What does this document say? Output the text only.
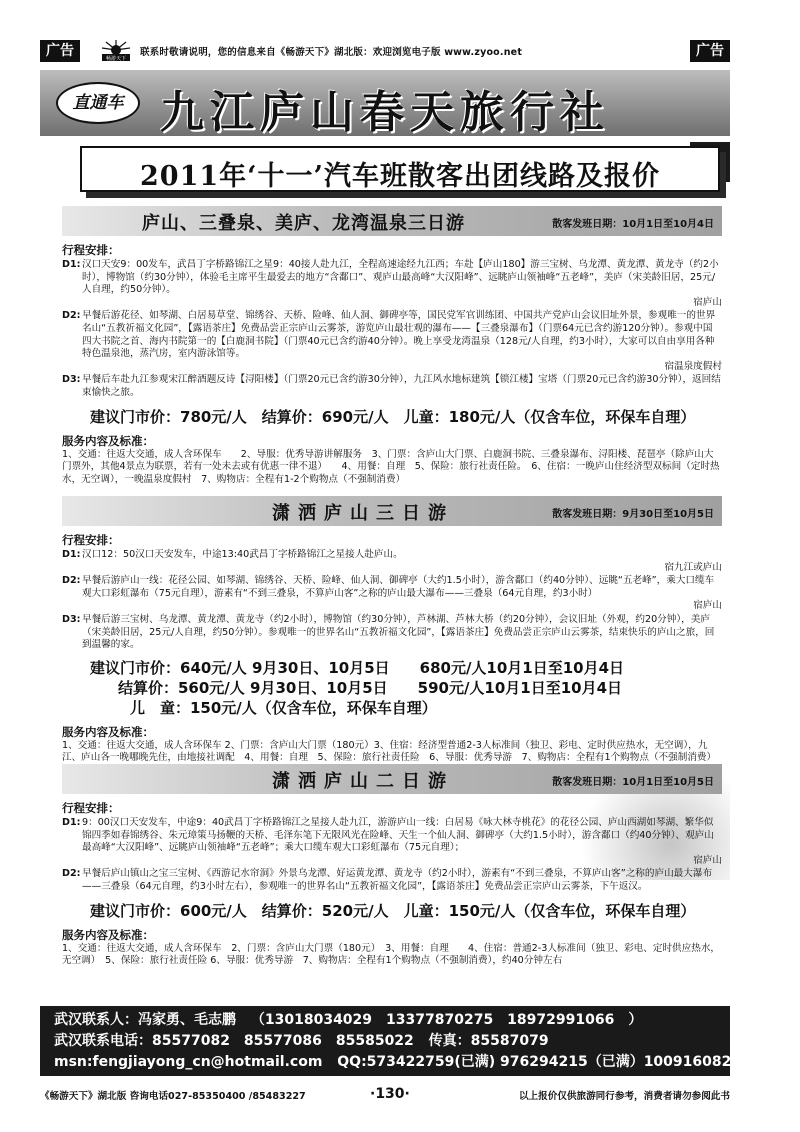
广告	畅游天下
联系时敬请说明，您的信息来自《畅游天下》湖北版：欢迎浏览电子版 www.zyoo.net	广告
直通车 九江庐山春天旅行社
2011年‘十一’汽车班散客出团线路及报价
庐山、三叠泉、美庐、龙湾温泉三日游	散客发班日期：10月1日至10月4日
行程安排：
D1: 汉口天安9：00发车，武昌丁字桥路锦江之星9：40接人赴九江，全程高速途经九江西；车赴【庐山180】游三宝树、乌龙潭、黄龙潭、黄龙寺（约2小时），博物馆（约30分钟），体验毛主席平生最爱去的地方“含鄱口”、观庐山最高峰“大汉阳峰”、远眺庐山领袖峰“五老峰”，美庐（宋美龄旧居，25元/人自理，约50分钟）。
宿庐山
D2: 早餐后游花径、如琴湖、白居易草堂、锦绣谷、天桥、险峰、仙人洞、御碑亭等，国民党军官训练团、中国共产党庐山会议旧址外景，参观唯一的世界名山“五教祈福文化园”，【露语茶庄】免费品尝正宗庐山云雾茶，游览庐山最壮观的瀑布——【三叠泉瀑布】（门票64元已含约游120分钟）。参观中国四大书院之首、海内书院第一的【白鹿洞书院】（门票40元已含约游40分钟）。晚上享受龙湾温泉（128元/人自理，约3小时），大家可以自由享用各种特色温泉池，蒸汽房，室内游泳馆等。
宿温泉度假村
D3: 早餐后车赴九江参观宋江醉酒题反诗【浔阳楼】（门票20元已含约游30分钟），九江风水地标建筑【锁江楼】宝塔（门票20元已含约游30分钟），返回结束愉快之旅。
建议门市价：780元/人　结算价：690元/人　儿童：180元/人（仅含车位，环保车自理）
服务内容及标准：
1、交通：往返大交通，成人含环保车　　2、导服：优秀导游讲解服务　3、门票：含庐山大门票、白鹿洞书院、三叠泉瀑布、浔阳楼、琵琶亭（除庐山大门票外，其他4景点为联票，若有一处未去或有优惠一律不退）　　4、用餐：自理　5、保险：旅行社责任险。　6、住宿：一晚庐山住经济型双标间（定时热水，无空调），一晚温泉度假村　7、购物店：全程有1-2个购物点（不强制消费）
潇洒庐山三日游	散客发班日期：9月30日至10月5日
行程安排：
D1: 汉口12：50汉口天安发车，中途13:40武昌丁字桥路锦江之星接人赴庐山。
宿九江或庐山
D2: 早餐后游庐山一线：花径公园、如琴湖、锦绣谷、天桥、险峰、仙人洞、御碑亭（大约1.5小时），游含鄱口（约40分钟）、远眺“五老峰”，乘大口缆车观大口彩虹瀑布（75元自理），游素有“不到三叠泉，不算庐山客”之称的庐山最大瀑布——三叠泉（64元自理，约3小时）
宿庐山
D3: 早餐后游三宝树、乌龙潭、黄龙潭、黄龙寺（约2小时），博物馆（约30分钟），芦林湖、芦林大桥（约20分钟），会议旧址（外观，约20分钟），美庐（宋美龄旧居，25元/人自理，约50分钟）。参观唯一的世界名山“五教祈福文化园”，【露语茶庄】免费品尝正宗庐山云雾茶，结束快乐的庐山之旅，回到温馨的家。
建议门市价：640元/人 9月30日、10月5日　　680元/人10月1日至10月4日
结算价：560元/人 9月30日、10月5日　　590元/人10月1日至10月4日
儿　童：150元/人（仅含车位，环保车自理）
服务内容及标准：
1、交通：往返大交通，成人含环保车 2、门票：含庐山大门票（180元）3、住宿：经济型普通2-3人标准间（独卫、彩电、定时供应热水，无空调），九江、庐山各一晚哪晚先住，由地接社调配　4、用餐：自理　5、保险：旅行社责任险　6、导服：优秀导游　7、购物店：全程有1个购物点（不强制消费）
潇洒庐山二日游	散客发班日期：10月1日至10月5日
行程安排：
D1: 9：00汉口天安发车，中途9：40武昌丁字桥路锦江之星接人赴九江，游游庐山一线：白居易《咏大林寺桃花》的花径公园、庐山西湖如琴湖、繁华似锦四季如春锦绣谷、朱元璋策马扬鞭的天桥、毛泽东笔下无限风光在险峰、天生一个仙人洞、御碑亭（大约1.5小时），游含鄱口（约40分钟）、观庐山最高峰“大汉阳峰”、远眺庐山领袖峰“五老峰”；乘大口缆车观大口彩虹瀑布（75元自理）；
宿庐山
D2: 早餐后庐山镇山之宝三宝树、《西游记水帘洞》外景乌龙潭、好运黄龙潭、黄龙寺（约2小时），游素有“不到三叠泉，不算庐山客”之称的庐山最大瀑布——三叠泉（64元自理，约3小时左右），参观唯一的世界名山“五教祈福文化园”，【露语茶庄】免费品尝正宗庐山云雾茶，下午返汉。
建议门市价：600元/人　结算价：520元/人　儿童：150元/人（仅含车位，环保车自理）
服务内容及标准：
1、交通：往返大交通，成人含环保车　2、门票：含庐山大门票（180元）　3、用餐：自理　　4、住宿：普通2-3人标准间（独卫、彩电、定时供应热水，无空调）　5、保险：旅行社责任险 6、导服：优秀导游　7、购物店：全程有1个购物点（不强制消费），约40分钟左右
武汉联系人：冯家勇、毛志鹏 （13018034029　13377870275　18972991066　）
武汉联系电话：85577082　85577086　85585022 传真：85587079
msn:fengjiayong_cn@hotmail.com QQ:573422759(已满) 976294215（已满）1009160823
《畅游天下》湖北版 咨询电话027-85350400 /85483227	·130·	以上报价仅供旅游同行参考，消费者请勿参阅此书
